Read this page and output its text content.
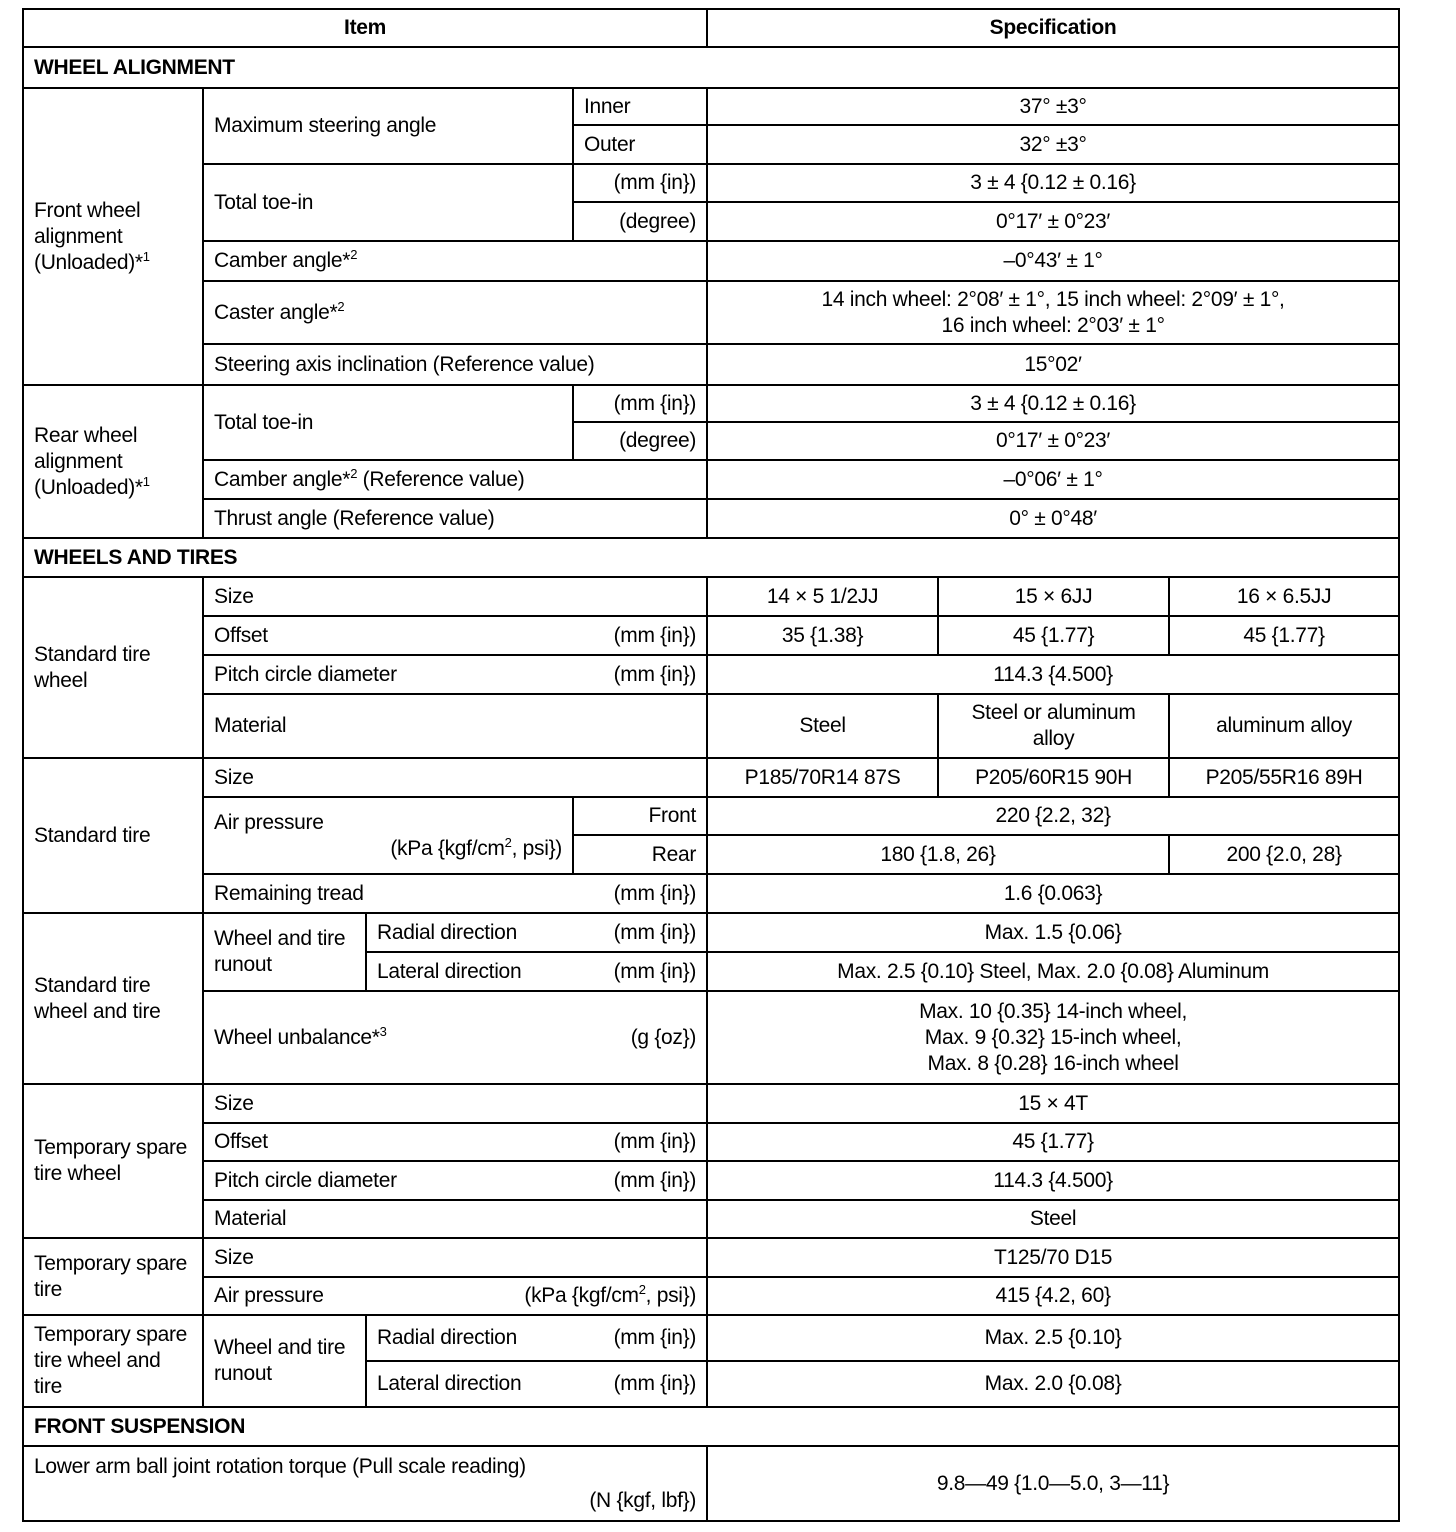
Item				Specification		
WHEEL ALIGNMENT						
Front wheel alignment (Unloaded)*$^1$	Maximum steering angle		Inner	37° ±3°		
			Outer	32° ±3°		
	Total toe-in		(mm {in})	3 ± 4 {0.12 ± 0.16}		
			(degree)	0°17′ ± 0°23′		
	Camber angle*$^2$			–0°43′ ± 1°		
	Caster angle*$^2$			14 inch wheel: 2°08′ ± 1°, 15 inch wheel: 2°09′ ± 1°,
16 inch wheel: 2°03′ ± 1°		

	Steering axis inclination (Reference value)			15°02′		
Rear wheel alignment (Unloaded)*$^1$	Total toe-in		(mm {in})	3 ± 4 {0.12 ± 0.16}		
			(degree)	0°17′ ± 0°23′		
	Camber angle*$^2$ (Reference value)			–0°06′ ± 1°		
	Thrust angle (Reference value)			0° ± 0°48′		
WHEELS AND TIRES						
Standard tire wheel	Size			14 × 5 1/2JJ	15 × 6JJ	16 × 6.5JJ

	Offset (mm {in})			35 {1.38}	45 {1.77}	45 {1.77}

	Pitch circle diameter (mm {in})			114.3 {4.500}		
	Material			Steel	Steel or aluminum alloy	aluminum alloy
Standard tire	Size			P185/70R14 87S	P205/60R15 90H	P205/55R16 89H

	Air pressure
(kPa {$kgf/cm^2$, psi})		Front	220 {2.2, 32}		
			Rear	180 {1.8, 26}		200 {2.0, 28}

	Remaining tread (mm {in})			1.6 {0.063}		
Standard tire wheel and tire	Wheel and tire runout	Radial direction (mm {in})		Max. 1.5 {0.06}		

		Lateral direction (mm {in})		Max. 2.5 {0.10} Steel, Max. 2.0 {0.08} Aluminum		

	Wheel unbalance*$^3$ (g {oz})			Max. 10 {0.35} 14-inch wheel,
Max. 9 {0.32} 15-inch wheel,
Max. 8 {0.28} 16-inch wheel		

Temporary spare tire wheel	Size			15 × 4T		

	Offset (mm {in})			45 {1.77}		

	Pitch circle diameter (mm {in})			114.3 {4.500}		
	Material			Steel		
Temporary spare tire	Size			T125/70 D15		

	Air pressure (kPa {$kgf/cm^2$, psi})			415 {4.2, 60}		
Temporary spare tire wheel and tire	Wheel and tire runout	Radial direction (mm {in})		Max. 2.5 {0.10}		

		Lateral direction (mm {in})		Max. 2.0 {0.08}		
FRONT SUSPENSION						

Lower arm ball joint rotation torque (Pull scale reading)
(N {kgf, lbf})				9.8—49 {1.0—5.0, 3—11}		
